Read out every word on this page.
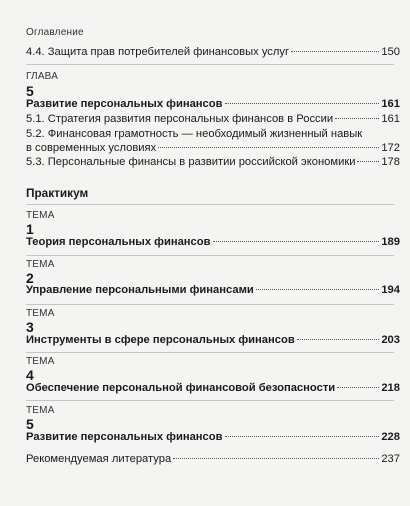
Оглавление
4.4. Защита прав потребителей финансовых услуг	150
ГЛАВА
5
Развитие персональных финансов	161
5.1. Стратегия развития персональных финансов в России	161
5.2. Финансовая грамотность — необходимый жизненный навык
в современных условиях	172
5.3. Персональные финансы в развитии российской экономики 178
Практикум
ТЕМА
1
Теория персональных финансов	189
ТЕМА
2
Управление персональными финансами	194
ТЕМА
3
Инструменты в сфере персональных финансов	203
ТЕМА
4
Обеспечение персональной финансовой безопасности	218
ТЕМА
5
Развитие персональных финансов	228
Рекомендуемая литература	237
